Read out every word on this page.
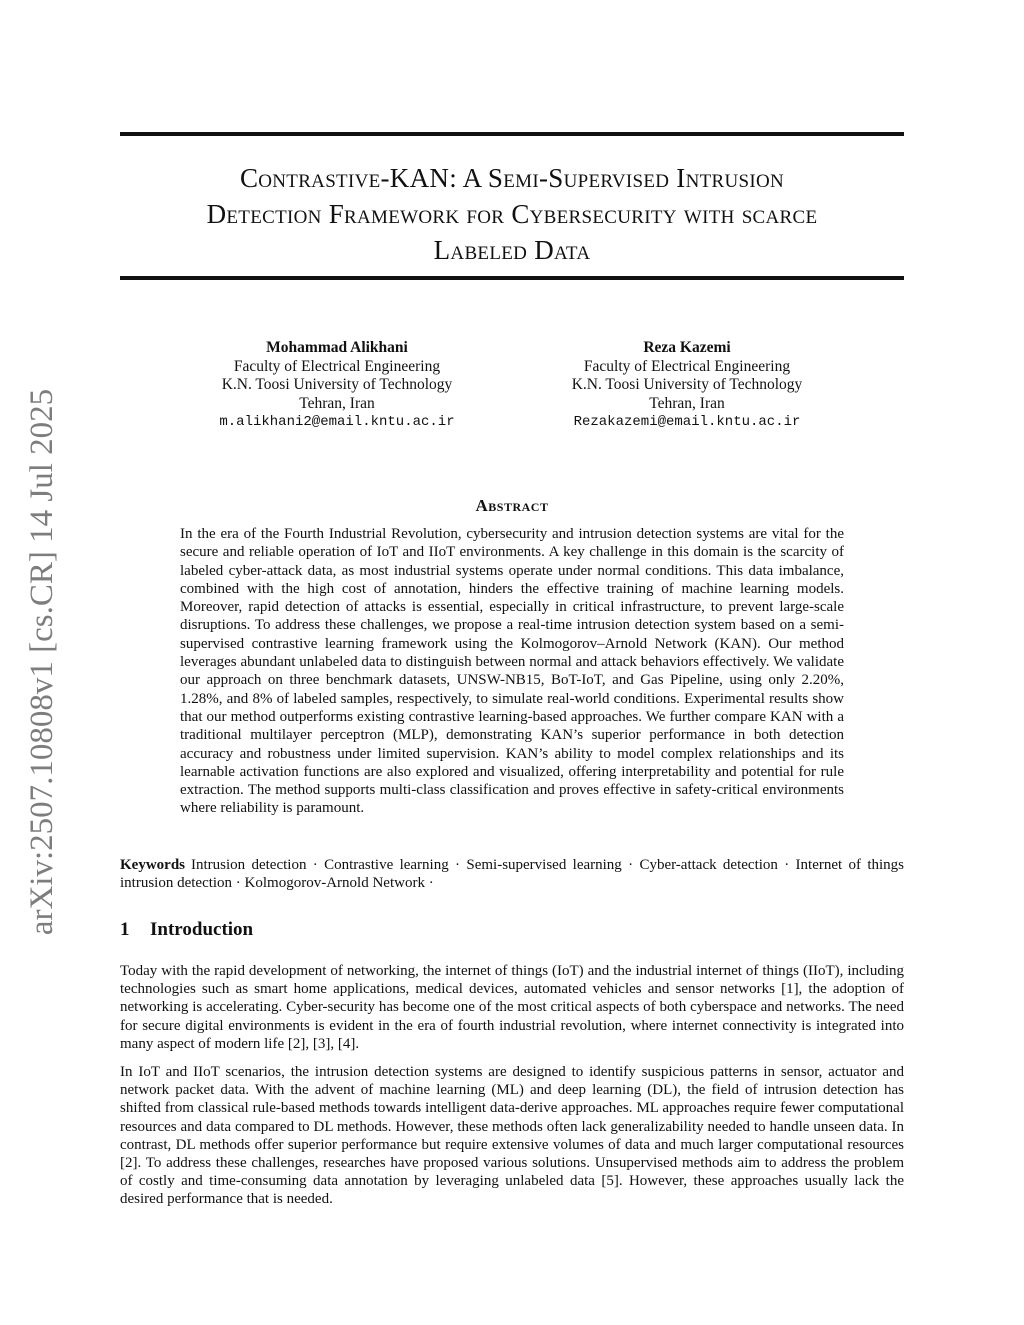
arXiv:2507.10808v1 [cs.CR] 14 Jul 2025
Contrastive-KAN: A Semi-Supervised Intrusion
Detection Framework for Cybersecurity with scarce
Labeled Data
Mohammad Alikhani
Faculty of Electrical Engineering
K.N. Toosi University of Technology
Tehran, Iran
m.alikhani2@email.kntu.ac.ir
Reza Kazemi
Faculty of Electrical Engineering
K.N. Toosi University of Technology
Tehran, Iran
Rezakazemi@email.kntu.ac.ir
Abstract
In the era of the Fourth Industrial Revolution, cybersecurity and intrusion detection systems are vital for the secure and reliable operation of IoT and IIoT environments. A key challenge in this domain is the scarcity of labeled cyber-attack data, as most industrial systems operate under normal conditions. This data imbalance, combined with the high cost of annotation, hinders the effective training of machine learning models. Moreover, rapid detection of attacks is essential, especially in critical infrastructure, to prevent large-scale disruptions. To address these challenges, we propose a real-time intrusion detection system based on a semi-supervised contrastive learning framework using the Kolmogorov–Arnold Network (KAN). Our method leverages abundant unlabeled data to distinguish between normal and attack behaviors effectively. We validate our approach on three benchmark datasets, UNSW-NB15, BoT-IoT, and Gas Pipeline, using only 2.20%, 1.28%, and 8% of labeled samples, respectively, to simulate real-world conditions. Experimental results show that our method outperforms existing contrastive learning-based approaches. We further compare KAN with a traditional multilayer perceptron (MLP), demonstrating KAN’s superior performance in both detection accuracy and robustness under limited supervision. KAN’s ability to model complex relationships and its learnable activation functions are also explored and visualized, offering interpretability and potential for rule extraction. The method supports multi-class classification and proves effective in safety-critical environments where reliability is paramount.
Keywords Intrusion detection · Contrastive learning · Semi-supervised learning · Cyber-attack detection · Internet of things intrusion detection · Kolmogorov-Arnold Network ·
1 Introduction
Today with the rapid development of networking, the internet of things (IoT) and the industrial internet of things (IIoT), including technologies such as smart home applications, medical devices, automated vehicles and sensor networks [1], the adoption of networking is accelerating. Cyber-security has become one of the most critical aspects of both cyberspace and networks. The need for secure digital environments is evident in the era of fourth industrial revolution, where internet connectivity is integrated into many aspect of modern life [2], [3], [4].
In IoT and IIoT scenarios, the intrusion detection systems are designed to identify suspicious patterns in sensor, actuator and network packet data. With the advent of machine learning (ML) and deep learning (DL), the field of intrusion detection has shifted from classical rule-based methods towards intelligent data-derive approaches. ML approaches require fewer computational resources and data compared to DL methods. However, these methods often lack generalizability needed to handle unseen data. In contrast, DL methods offer superior performance but require extensive volumes of data and much larger computational resources [2]. To address these challenges, researches have proposed various solutions. Unsupervised methods aim to address the problem of costly and time-consuming data annotation by leveraging unlabeled data [5]. However, these approaches usually lack the desired performance that is needed.
